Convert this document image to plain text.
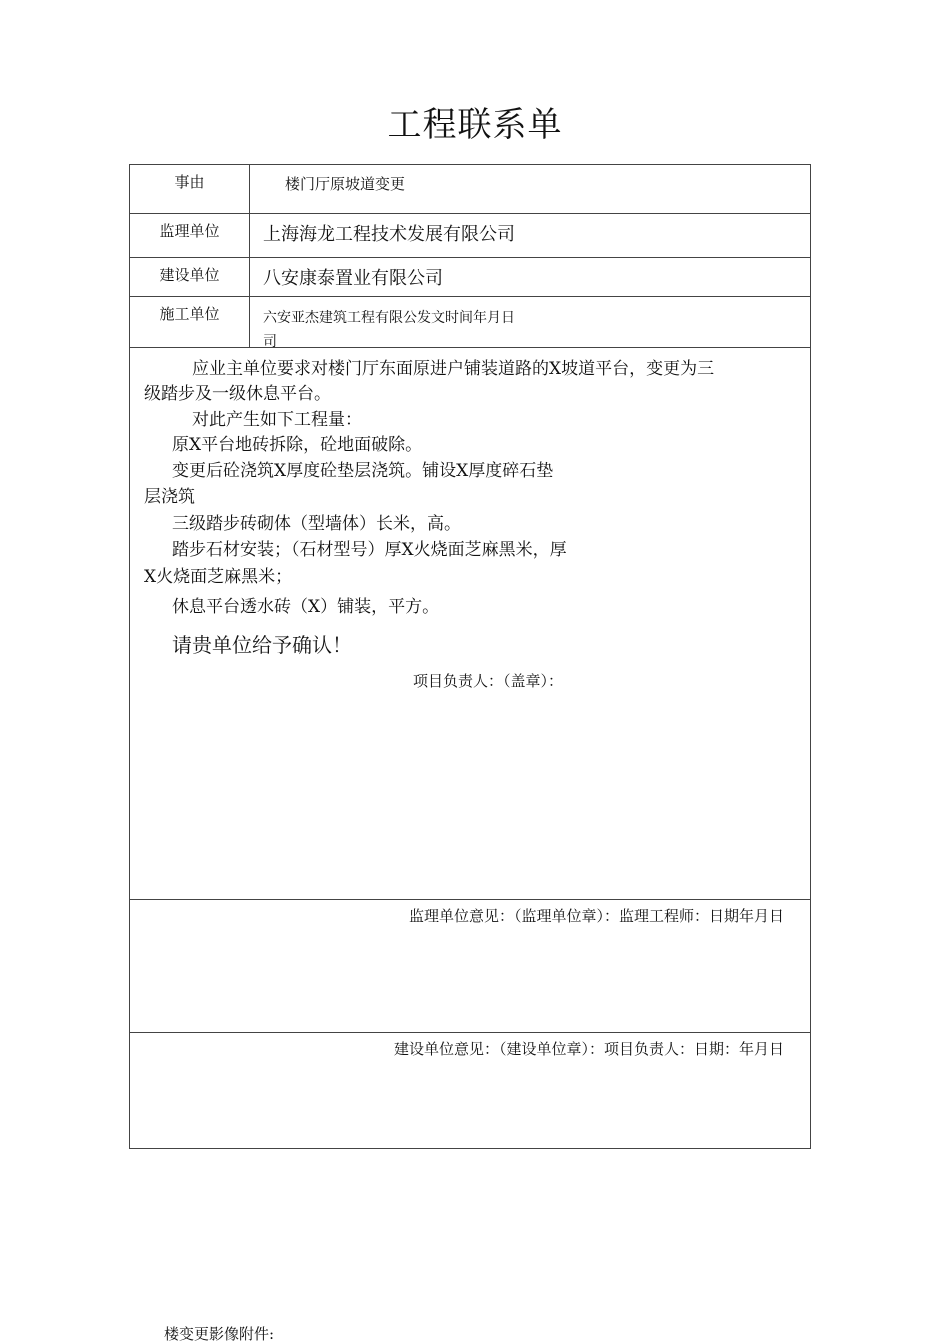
工程联系单
事由	楼门厅原坡道变更
监理单位	上海海龙工程技术发展有限公司
建设单位	八安康泰置业有限公司
施工单位	六安亚杰建筑工程有限公发文时间年月日
司

应业主单位要求对楼门厅东面原进户铺装道路的X坡道平台，变更为三

级踏步及一级休息平台。

对此产生如下工程量：

原X平台地砖拆除，砼地面破除。

变更后砼浇筑X厚度砼垫层浇筑。铺设X厚度碎石垫

层浇筑

三级踏步砖砌体（型墙体）长米，高。

踏步石材安装；（石材型号）厚X火烧面芝麻黑米，厚

X火烧面芝麻黑米；

休息平台透水砖（X）铺装，平方。

请贵单位给予确认！

项目负责人：（盖章）：
监理单位意见：（监理单位章）：监理工程师：日期年月日
建设单位意见：（建设单位章）：项目负责人：日期：年月日
楼变更影像附件:
